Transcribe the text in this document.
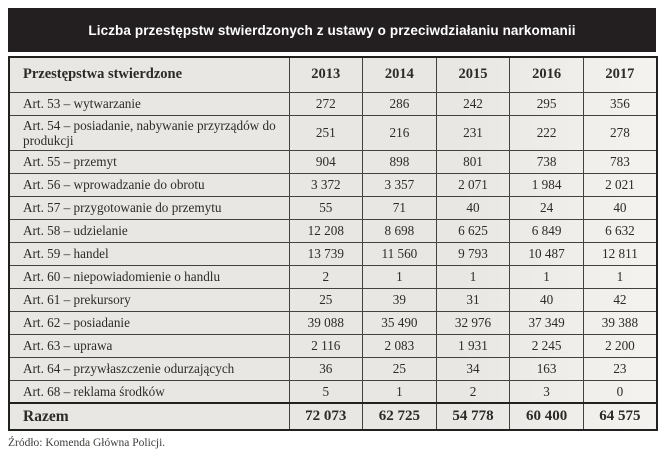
Liczba przestępstw stwierdzonych z ustawy o przeciwdziałaniu narkomanii
Przestępstwa stwierdzone	2013	2014	2015	2016	2017
Art. 53 – wytwarzanie	272	286	242	295	356
Art. 54 – posiadanie, nabywanie przyrządów do produkcji	251	216	231	222	278
Art. 55 – przemyt	904	898	801	738	783
Art. 56 – wprowadzanie do obrotu	3 372	3 357	2 071	1 984	2 021
Art. 57 – przygotowanie do przemytu	55	71	40	24	40
Art. 58 – udzielanie	12 208	8 698	6 625	6 849	6 632
Art. 59 – handel	13 739	11 560	9 793	10 487	12 811
Art. 60 – niepowiadomienie o handlu	2	1	1	1	1
Art. 61 – prekursory	25	39	31	40	42
Art. 62 – posiadanie	39 088	35 490	32 976	37 349	39 388
Art. 63 – uprawa	2 116	2 083	1 931	2 245	2 200
Art. 64 – przywłaszczenie odurzających	36	25	34	163	23
Art. 68 – reklama środków	5	1	2	3	0
Razem	72 073	62 725	54 778	60 400	64 575
Źródło: Komenda Główna Policji.
